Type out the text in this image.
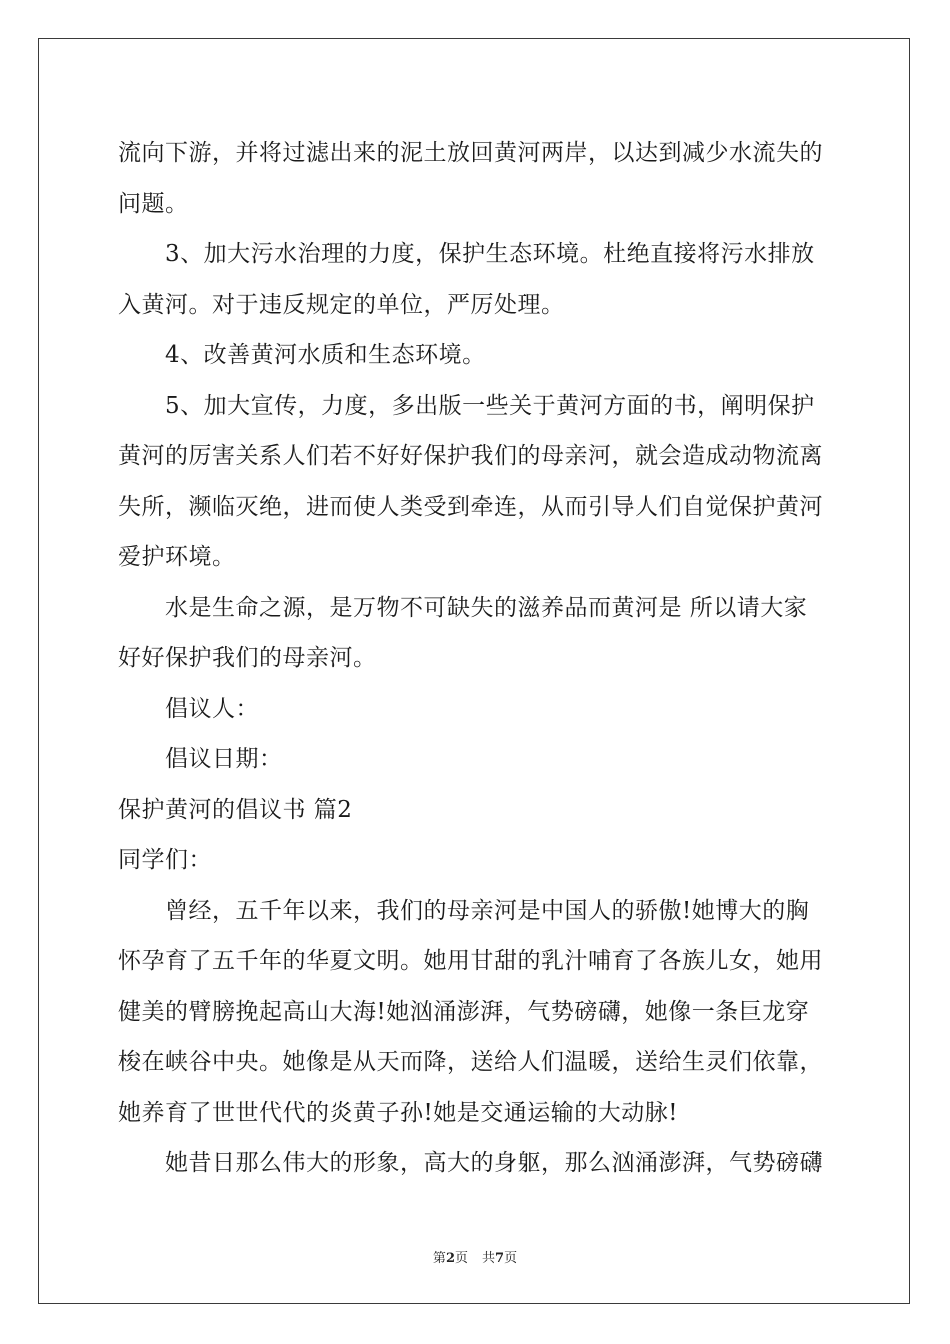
流向下游，并将过滤出来的泥土放回黄河两岸，以达到减少水流失的
问题。
3、加大污水治理的力度，保护生态环境。杜绝直接将污水排放
入黄河。对于违反规定的单位，严厉处理。
4、改善黄河水质和生态环境。
5、加大宣传，力度，多出版一些关于黄河方面的书，阐明保护
黄河的厉害关系人们若不好好保护我们的母亲河，就会造成动物流离
失所，濒临灭绝，进而使人类受到牵连，从而引导人们自觉保护黄河
爱护环境。
水是生命之源，是万物不可缺失的滋养品而黄河是 所以请大家
好好保护我们的母亲河。
倡议人：
倡议日期：
保护黄河的倡议书 篇2
同学们：
曾经，五千年以来，我们的母亲河是中国人的骄傲!她博大的胸
怀孕育了五千年的华夏文明。她用甘甜的乳汁哺育了各族儿女，她用
健美的臂膀挽起高山大海!她汹涌澎湃，气势磅礴，她像一条巨龙穿
梭在峡谷中央。她像是从天而降，送给人们温暖，送给生灵们依靠，
她养育了世世代代的炎黄子孙!她是交通运输的大动脉!
她昔日那么伟大的形象，高大的身躯，那么汹涌澎湃，气势磅礴
第2页 共7页
